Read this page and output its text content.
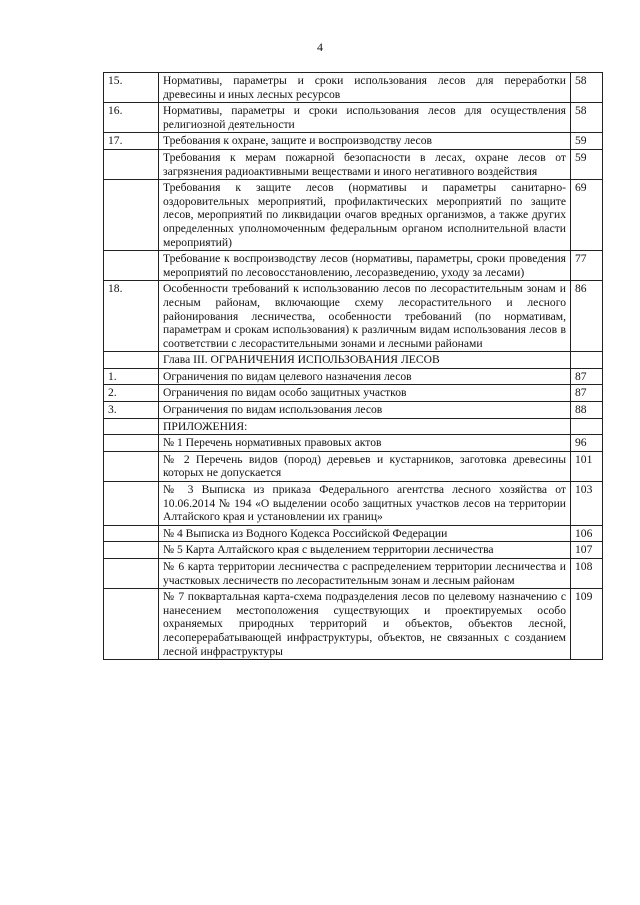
4
15.	Нормативы, параметры и сроки использования лесов для переработки древесины и иных лесных ресурсов	58
16.	Нормативы, параметры и сроки использования лесов для осуществления религиозной деятельности	58
17.	Требования к охране, защите и воспроизводству лесов	59
	Требования к мерам пожарной безопасности в лесах, охране лесов от загрязнения радиоактивными веществами и иного негативного воздействия	59
	Требования к защите лесов (нормативы и параметры санитарно-оздоровительных мероприятий, профилактических мероприятий по защите лесов, мероприятий по ликвидации очагов вредных организмов, а также других определенных уполномоченным федеральным органом исполнительной власти мероприятий)	69
	Требование к воспроизводству лесов (нормативы, параметры, сроки проведения мероприятий по лесовосстановлению, лесоразведению, уходу за лесами)	77
18.	Особенности требований к использованию лесов по лесорастительным зонам и лесным районам, включающие схему лесорастительного и лесного районирования лесничества, особенности требований (по нормативам, параметрам и срокам использования) к различным видам использования лесов в соответствии с лесорастительными зонами и лесными районами	86
	Глава III. ОГРАНИЧЕНИЯ ИСПОЛЬЗОВАНИЯ ЛЕСОВ	
1.	Ограничения по видам целевого назначения лесов	87
2.	Ограничения по видам особо защитных участков	87
3.	Ограничения по видам использования лесов	88
	ПРИЛОЖЕНИЯ:	
	№ 1 Перечень нормативных правовых актов	96
	№ 2 Перечень видов (пород) деревьев и кустарников, заготовка древесины которых не допускается	101
	№ 3 Выписка из приказа Федерального агентства лесного хозяйства от 10.06.2014 № 194 «О выделении особо защитных участков лесов на территории Алтайского края и установлении их границ»	103
	№ 4 Выписка из Водного Кодекса Российской Федерации	106
	№ 5 Карта Алтайского края с выделением территории лесничества	107
	№ 6 карта территории лесничества с распределением территории лесничества и участковых лесничеств по лесорастительным зонам и лесным районам	108
	№ 7 поквартальная карта-схема подразделения лесов по целевому назначению с нанесением местоположения существующих и проектируемых особо охраняемых природных территорий и объектов, объектов лесной, лесоперерабатывающей инфраструктуры, объектов, не связанных с созданием лесной инфраструктуры	109
